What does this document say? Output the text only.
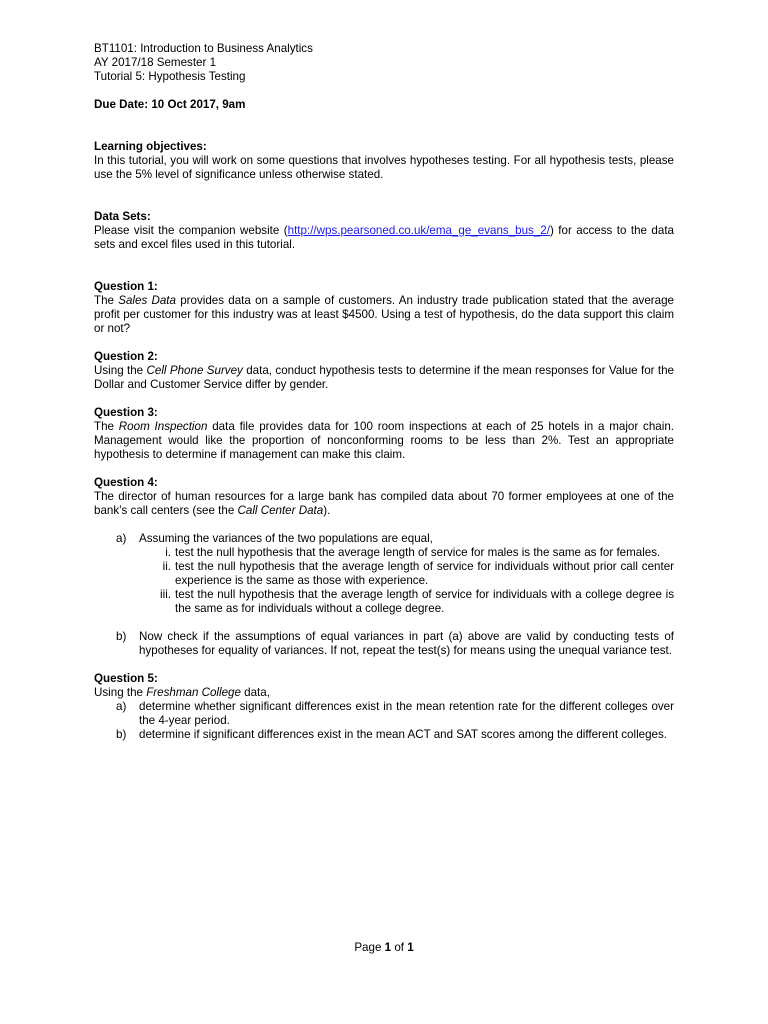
BT1101: Introduction to Business Analytics

AY 2017/18 Semester 1

Tutorial 5: Hypothesis Testing

Due Date: 10 Oct 2017, 9am

Learning objectives:

In this tutorial, you will work on some questions that involves hypotheses testing. For all hypothesis tests, please use the 5% level of significance unless otherwise stated.

Data Sets:

Please visit the companion website (http://wps.pearsoned.co.uk/ema_ge_evans_bus_2/) for access to the data sets and excel files used in this tutorial.

Question 1:

The Sales Data provides data on a sample of customers. An industry trade publication stated that the average profit per customer for this industry was at least $4500. Using a test of hypothesis, do the data support this claim or not?

Question 2:

Using the Cell Phone Survey data, conduct hypothesis tests to determine if the mean responses for Value for the Dollar and Customer Service differ by gender.

Question 3:

The Room Inspection data file provides data for 100 room inspections at each of 25 hotels in a major chain. Management would like the proportion of nonconforming rooms to be less than 2%. Test an appropriate hypothesis to determine if management can make this claim.

Question 4:

The director of human resources for a large bank has compiled data about 70 former employees at one of the bank’s call centers (see the Call Center Data).

a) Assuming the variances of the two populations are equal,

i. test the null hypothesis that the average length of service for males is the same as for females.

ii. test the null hypothesis that the average length of service for individuals without prior call center experience is the same as those with experience.

iii. test the null hypothesis that the average length of service for individuals with a college degree is the same as for individuals without a college degree.

b) Now check if the assumptions of equal variances in part (a) above are valid by conducting tests of hypotheses for equality of variances. If not, repeat the test(s) for means using the unequal variance test.

Question 5:

Using the Freshman College data,

a) determine whether significant differences exist in the mean retention rate for the different colleges over the 4-year period.

b) determine if significant differences exist in the mean ACT and SAT scores among the different colleges.

Page 1 of 1
